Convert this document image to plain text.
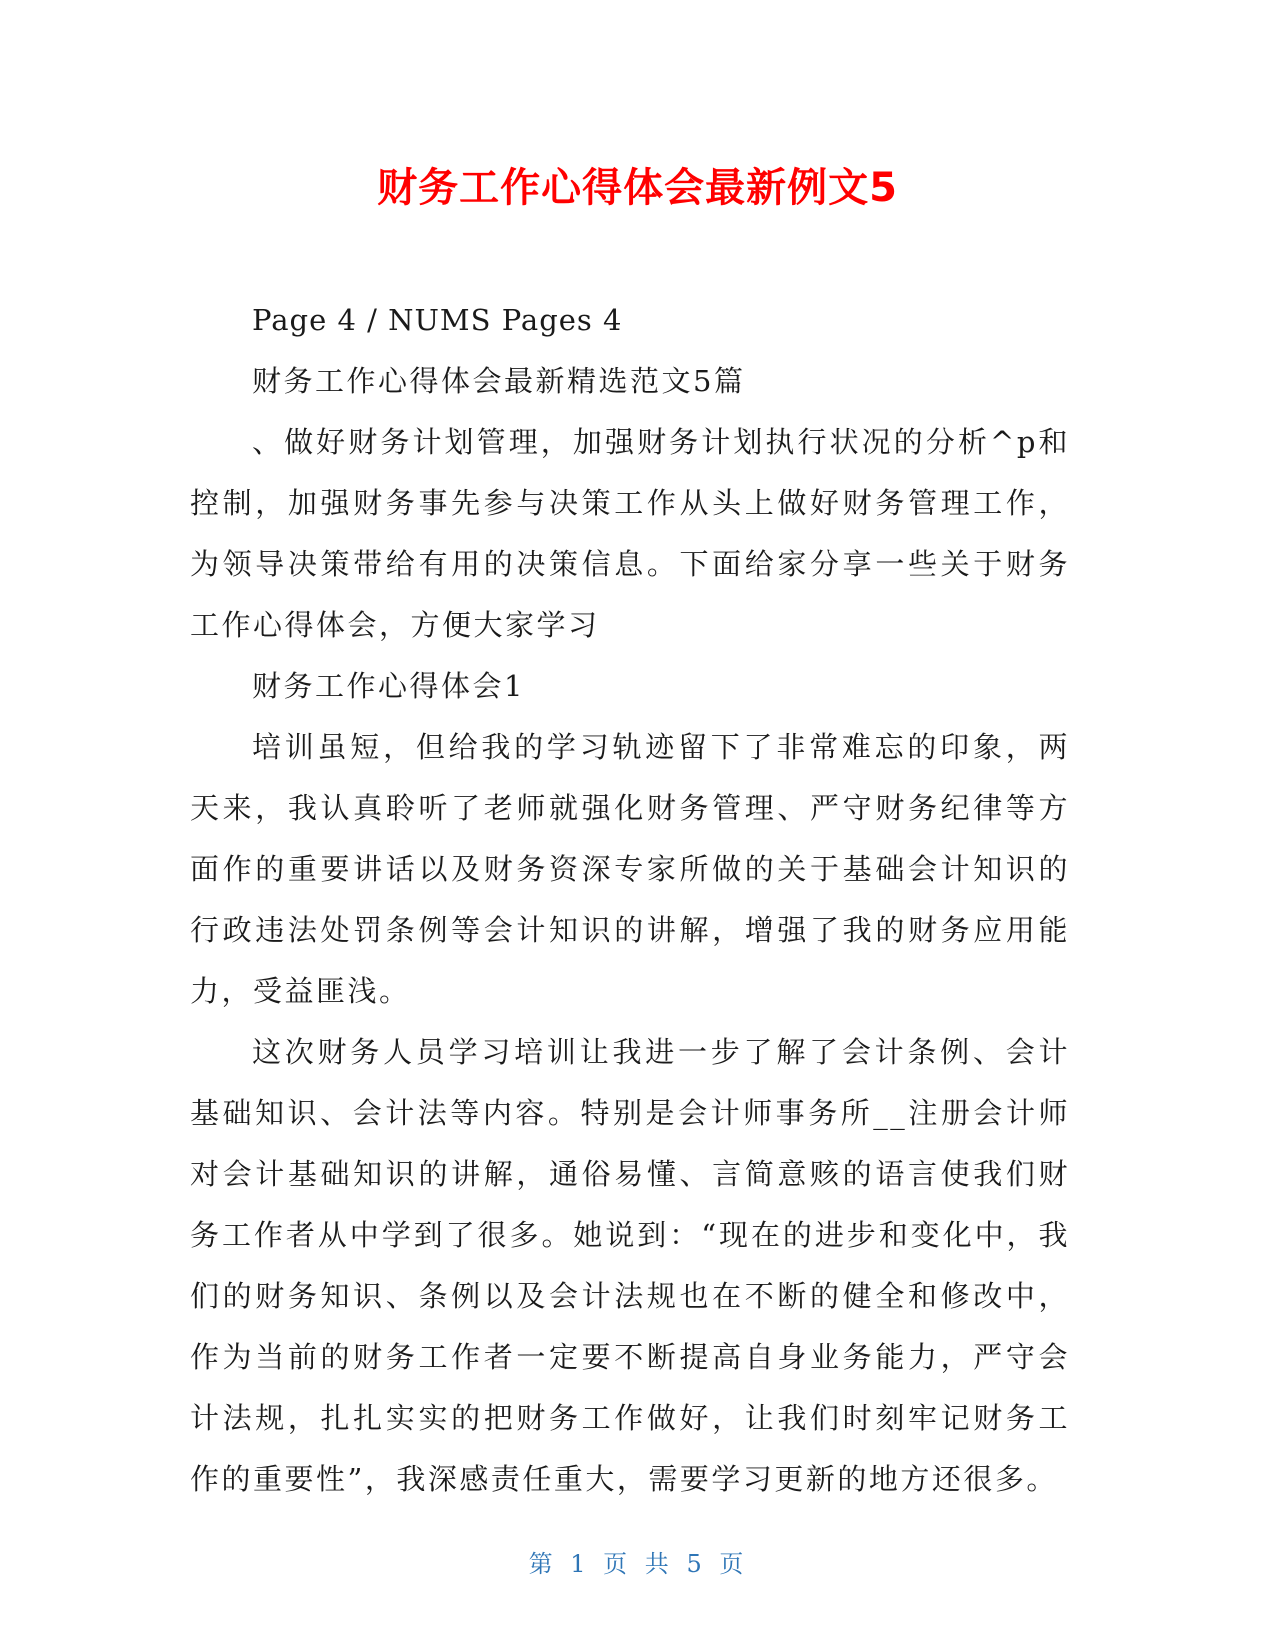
财务工作心得体会最新例文5

Page 4 / NUMS Pages 4

财务工作心得体会最新精选范文5篇

、做好财务计划管理，加强财务计划执行状况的分析^p和控制，加强财务事先参与决策工作从头上做好财务管理工作，为领导决策带给有用的决策信息。下面给家分享一些关于财务工作心得体会，方便大家学习

财务工作心得体会1

培训虽短，但给我的学习轨迹留下了非常难忘的印象，两天来，我认真聆听了老师就强化财务管理、严守财务纪律等方面作的重要讲话以及财务资深专家所做的关于基础会计知识的行政违法处罚条例等会计知识的讲解，增强了我的财务应用能力，受益匪浅。

这次财务人员学习培训让我进一步了解了会计条例、会计基础知识、会计法等内容。特别是会计师事务所__注册会计师对会计基础知识的讲解，通俗易懂、言简意赅的语言使我们财务工作者从中学到了很多。她说到：“现在的进步和变化中，我们的财务知识、条例以及会计法规也在不断的健全和修改中，作为当前的财务工作者一定要不断提高自身业务能力，严守会计法规，扎扎实实的把财务工作做好，让我们时刻牢记财务工作的重要性”，我深感责任重大，需要学习更新的地方还很多。

第 1 页 共 5 页
